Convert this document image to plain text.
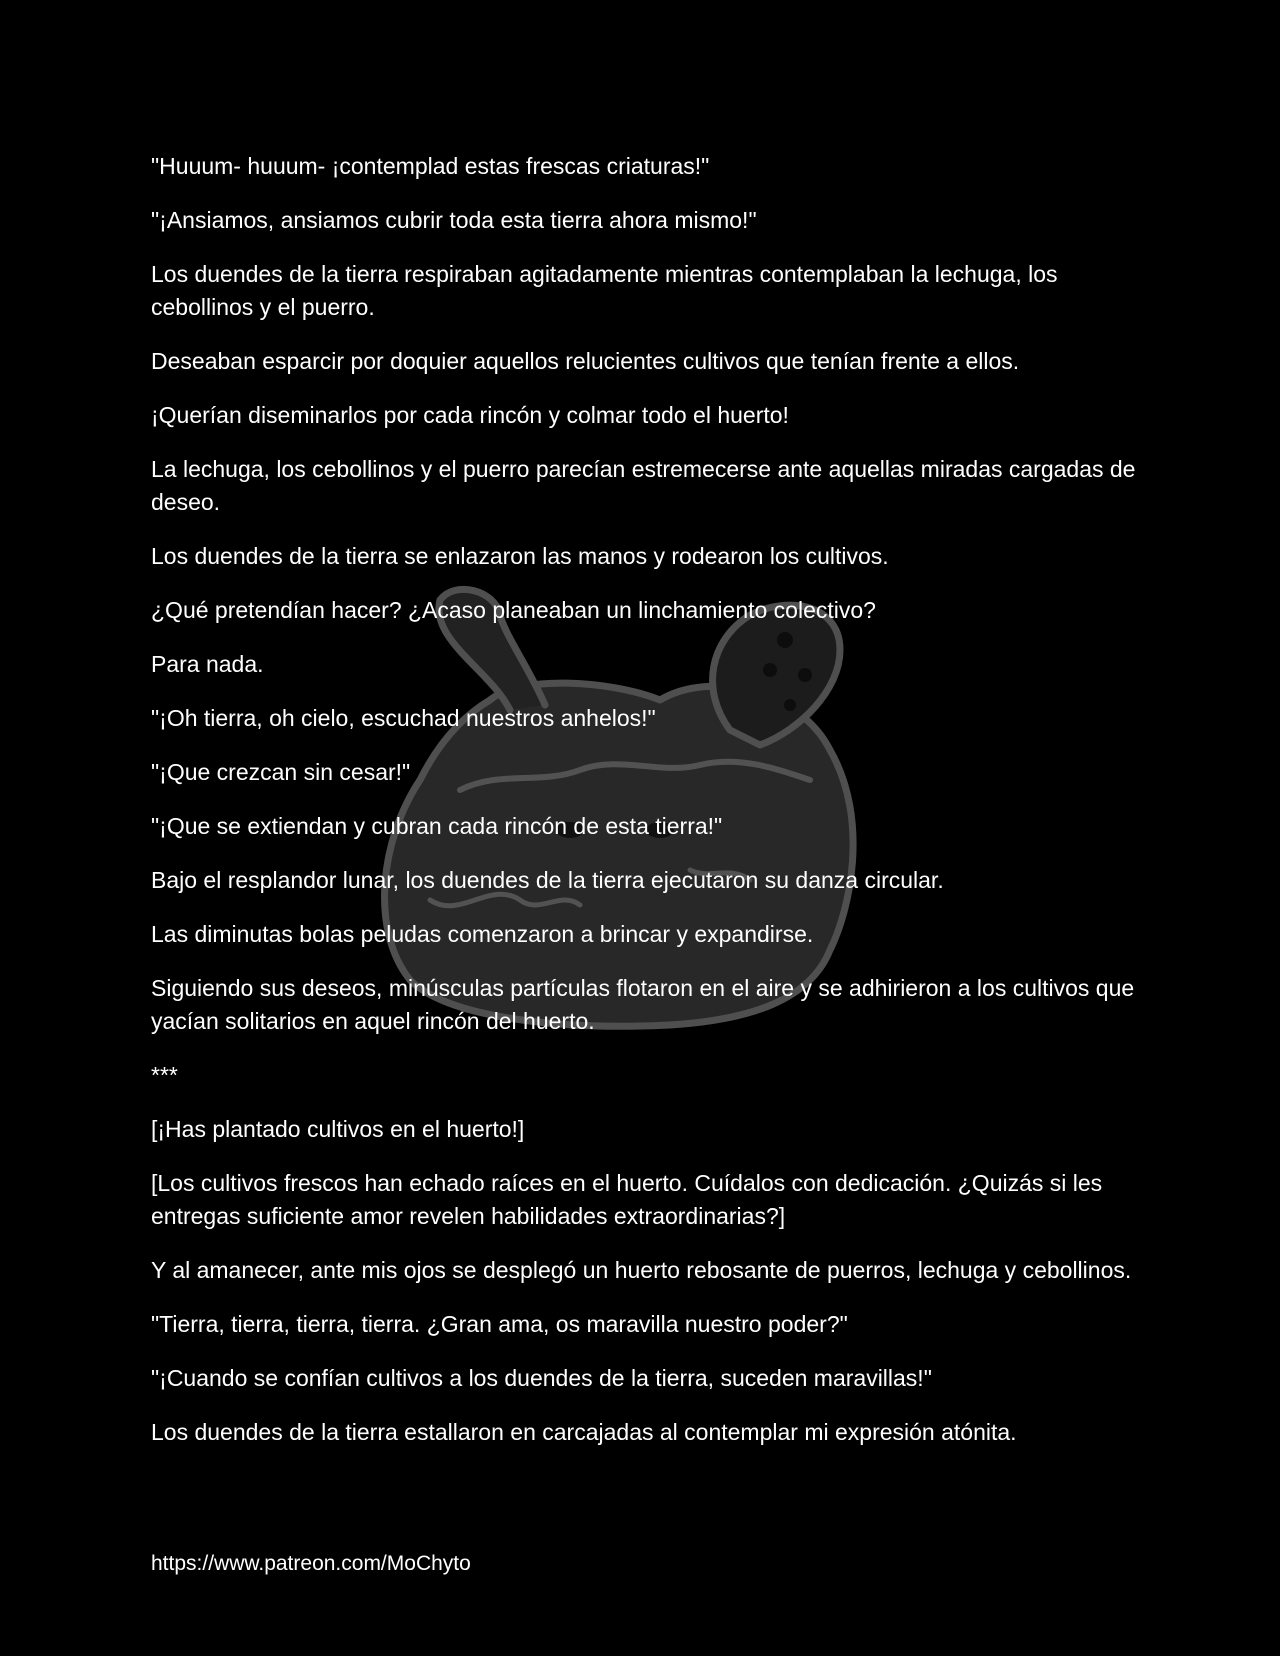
"Huuum- huuum- ¡contemplad estas frescas criaturas!"

"¡Ansiamos, ansiamos cubrir toda esta tierra ahora mismo!"

Los duendes de la tierra respiraban agitadamente mientras contemplaban la lechuga, los cebollinos y el puerro.

Deseaban esparcir por doquier aquellos relucientes cultivos que tenían frente a ellos.

¡Querían diseminarlos por cada rincón y colmar todo el huerto!

La lechuga, los cebollinos y el puerro parecían estremecerse ante aquellas miradas cargadas de deseo.

Los duendes de la tierra se enlazaron las manos y rodearon los cultivos.

¿Qué pretendían hacer? ¿Acaso planeaban un linchamiento colectivo?

Para nada.

"¡Oh tierra, oh cielo, escuchad nuestros anhelos!"

"¡Que crezcan sin cesar!"

"¡Que se extiendan y cubran cada rincón de esta tierra!"

Bajo el resplandor lunar, los duendes de la tierra ejecutaron su danza circular.

Las diminutas bolas peludas comenzaron a brincar y expandirse.

Siguiendo sus deseos, minúsculas partículas flotaron en el aire y se adhirieron a los cultivos que yacían solitarios en aquel rincón del huerto.

***

[¡Has plantado cultivos en el huerto!]

[Los cultivos frescos han echado raíces en el huerto. Cuídalos con dedicación. ¿Quizás si les entregas suficiente amor revelen habilidades extraordinarias?]

Y al amanecer, ante mis ojos se desplegó un huerto rebosante de puerros, lechuga y cebollinos.

"Tierra, tierra, tierra, tierra. ¿Gran ama, os maravilla nuestro poder?"

"¡Cuando se confían cultivos a los duendes de la tierra, suceden maravillas!"

Los duendes de la tierra estallaron en carcajadas al contemplar mi expresión atónita.

https://www.patreon.com/MoChyto
